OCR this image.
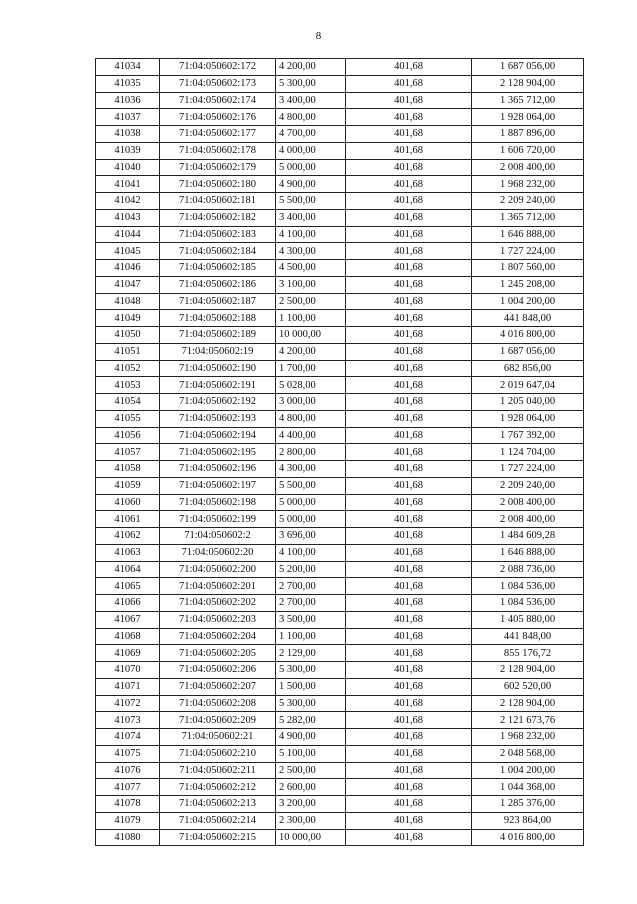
8
41034	71:04:050602:172	4 200,00	401,68	1 687 056,00
41035	71:04:050602:173	5 300,00	401,68	2 128 904,00
41036	71:04:050602:174	3 400,00	401,68	1 365 712,00
41037	71:04:050602:176	4 800,00	401,68	1 928 064,00
41038	71:04:050602:177	4 700,00	401,68	1 887 896,00
41039	71:04:050602:178	4 000,00	401,68	1 606 720,00
41040	71:04:050602:179	5 000,00	401,68	2 008 400,00
41041	71:04:050602:180	4 900,00	401,68	1 968 232,00
41042	71:04:050602:181	5 500,00	401,68	2 209 240,00
41043	71:04:050602:182	3 400,00	401,68	1 365 712,00
41044	71:04:050602:183	4 100,00	401,68	1 646 888,00
41045	71:04:050602:184	4 300,00	401,68	1 727 224,00
41046	71:04:050602:185	4 500,00	401,68	1 807 560,00
41047	71:04:050602:186	3 100,00	401,68	1 245 208,00
41048	71:04:050602:187	2 500,00	401,68	1 004 200,00
41049	71:04:050602:188	1 100,00	401,68	441 848,00
41050	71:04:050602:189	10 000,00	401,68	4 016 800,00
41051	71:04:050602:19	4 200,00	401,68	1 687 056,00
41052	71:04:050602:190	1 700,00	401,68	682 856,00
41053	71:04:050602:191	5 028,00	401,68	2 019 647,04
41054	71:04:050602:192	3 000,00	401,68	1 205 040,00
41055	71:04:050602:193	4 800,00	401,68	1 928 064,00
41056	71:04:050602:194	4 400,00	401,68	1 767 392,00
41057	71:04:050602:195	2 800,00	401,68	1 124 704,00
41058	71:04:050602:196	4 300,00	401,68	1 727 224,00
41059	71:04:050602:197	5 500,00	401,68	2 209 240,00
41060	71:04:050602:198	5 000,00	401,68	2 008 400,00
41061	71:04:050602:199	5 000,00	401,68	2 008 400,00
41062	71:04:050602:2	3 696,00	401,68	1 484 609,28
41063	71:04:050602:20	4 100,00	401,68	1 646 888,00
41064	71:04:050602:200	5 200,00	401,68	2 088 736,00
41065	71:04:050602:201	2 700,00	401,68	1 084 536,00
41066	71:04:050602:202	2 700,00	401,68	1 084 536,00
41067	71:04:050602:203	3 500,00	401,68	1 405 880,00
41068	71:04:050602:204	1 100,00	401,68	441 848,00
41069	71:04:050602:205	2 129,00	401,68	855 176,72
41070	71:04:050602:206	5 300,00	401,68	2 128 904,00
41071	71:04:050602:207	1 500,00	401,68	602 520,00
41072	71:04:050602:208	5 300,00	401,68	2 128 904,00
41073	71:04:050602:209	5 282,00	401,68	2 121 673,76
41074	71:04:050602:21	4 900,00	401,68	1 968 232,00
41075	71:04:050602:210	5 100,00	401,68	2 048 568,00
41076	71:04:050602:211	2 500,00	401,68	1 004 200,00
41077	71:04:050602:212	2 600,00	401,68	1 044 368,00
41078	71:04:050602:213	3 200,00	401,68	1 285 376,00
41079	71:04:050602:214	2 300,00	401,68	923 864,00
41080	71:04:050602:215	10 000,00	401,68	4 016 800,00
